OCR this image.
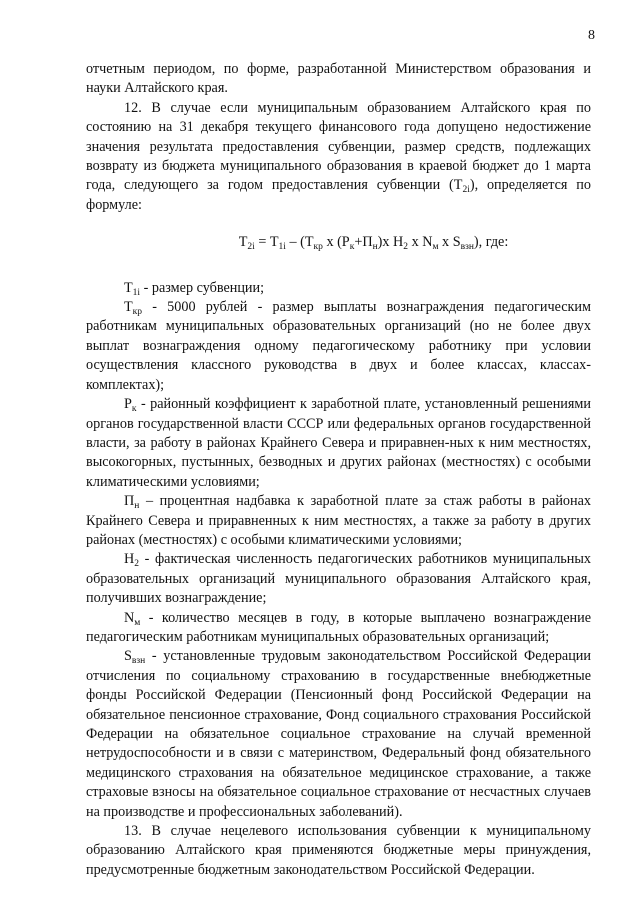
8

отчетным периодом, по форме, разработанной Министерством образования и науки Алтайского края.

12. В случае если муниципальным образованием Алтайского края по состоянию на 31 декабря текущего финансового года допущено недостижение значения результата предоставления субвенции, размер средств, подлежащих возврату из бюджета муниципального образования в краевой бюджет до 1 марта года, следующего за годом предоставления субвенции $(Т_{2i})$, определяется по формуле:

$Т_{2i} = Т_{1i} - (Т_{кр}$ х $(Р_к+П_н)х$ $Н_2$ х $N_м$ х $S_{взн}$), где:

$Т_{1i}$ - размер субвенции;

$Т_{кр} - 5000$ рублей - размер выплаты вознаграждения педагогическим работникам муниципальных образовательных организаций (но не более двух выплат вознаграждения одному педагогическому работнику при условии осуществления классного руководства в двух и более классах, классах-комплектах);

$Р_к$ - районный коэффициент к заработной плате, установленный решениями органов государственной власти СССР или федеральных органов государственной власти, за работу в районах Крайнего Севера и приравнен-ных к ним местностях, высокогорных, пустынных, безводных и других районах (местностях) с особыми климатическими условиями;

$П_н$ – процентная надбавка к заработной плате за стаж работы в районах Крайнего Севера и приравненных к ним местностях, а также за работу в других районах (местностях) с особыми климатическими условиями;

$Н_2$ - фактическая численность педагогических работников муниципальных образовательных организаций муниципального образования Алтайского края, получивших вознаграждение;

$N_м$ - количество месяцев в году, в которые выплачено вознаграждение педагогическим работникам муниципальных образовательных организаций;

$S_{взн}$ - установленные трудовым законодательством Российской Федерации отчисления по социальному страхованию в государственные внебюджетные фонды Российской Федерации (Пенсионный фонд Российской Федерации на обязательное пенсионное страхование, Фонд социального страхования Российской Федерации на обязательное социальное страхование на случай временной нетрудоспособности и в связи с материнством, Федеральный фонд обязательного медицинского страхования на обязательное медицинское страхование, а также страховые взносы на обязательное социальное страхование от несчастных случаев на производстве и профессиональных заболеваний).

13. В случае нецелевого использования субвенции к муниципальному образованию Алтайского края применяются бюджетные меры принуждения, предусмотренные бюджетным законодательством Российской Федерации.
